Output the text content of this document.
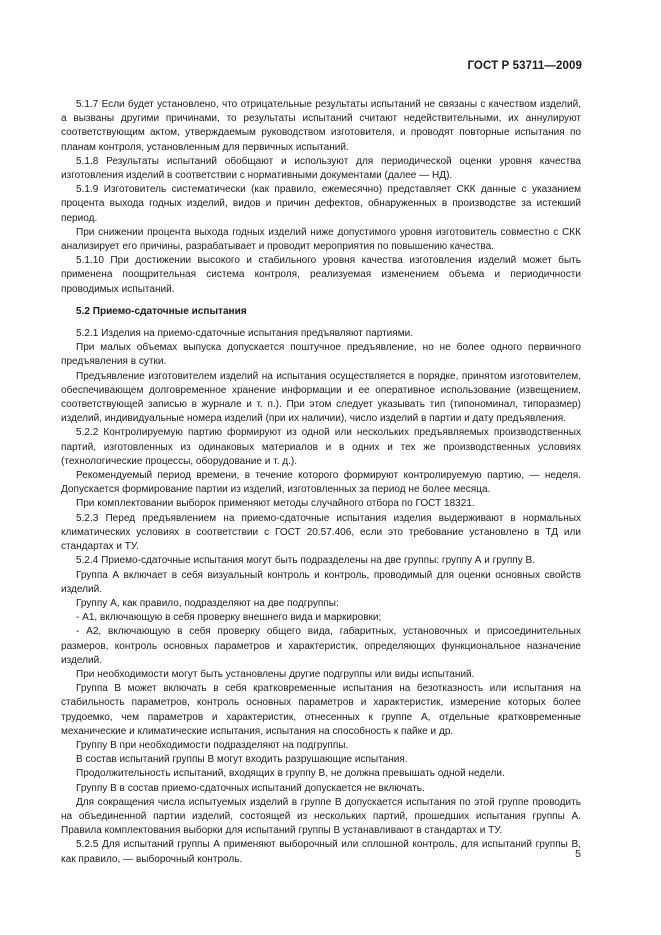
ГОСТ Р 53711—2009

5.1.7 Если будет установлено, что отрицательные результаты испытаний не связаны с качеством изделий, а вызваны другими причинами, то результаты испытаний считают недействительными, их аннулируют соответствующим актом, утверждаемым руководством изготовителя, и проводят повторные испытания по планам контроля, установленным для первичных испытаний.

5.1.8 Результаты испытаний обобщают и используют для периодической оценки уровня качества изготовления изделий в соответствии с нормативными документами (далее — НД).

5.1.9 Изготовитель систематически (как правило, ежемесячно) представляет СКК данные с указанием процента выхода годных изделий, видов и причин дефектов, обнаруженных в производстве за истекший период.

При снижении процента выхода годных изделий ниже допустимого уровня изготовитель совместно с СКК анализирует его причины, разрабатывает и проводит мероприятия по повышению качества.

5.1.10 При достижении высокого и стабильного уровня качества изготовления изделий может быть применена поощрительная система контроля, реализуемая изменением объема и периодичности проводимых испытаний.

5.2 Приемо-сдаточные испытания

5.2.1 Изделия на приемо-сдаточные испытания предъявляют партиями.

При малых объемах выпуска допускается поштучное предъявление, но не более одного первичного предъявления в сутки.

Предъявление изготовителем изделий на испытания осуществляется в порядке, принятом изготовителем, обеспечивающем долговременное хранение информации и ее оперативное использование (извещением, соответствующей записью в журнале и т. п.). При этом следует указывать тип (типономинал, типоразмер) изделий, индивидуальные номера изделий (при их наличии), число изделий в партии и дату предъявления.

5.2.2 Контролируемую партию формируют из одной или нескольких предъявляемых производственных партий, изготовленных из одинаковых материалов и в одних и тех же производственных условиях (технологические процессы, оборудование и т. д.).

Рекомендуемый период времени, в течение которого формируют контролируемую партию, — неделя. Допускается формирование партии из изделий, изготовленных за период не более месяца.

При комплектовании выборок применяют методы случайного отбора по ГОСТ 18321.

5.2.3 Перед предъявлением на приемо-сдаточные испытания изделия выдерживают в нормальных климатических условиях в соответствии с ГОСТ 20.57.406, если это требование установлено в ТД или стандартах и ТУ.

5.2.4 Приемо-сдаточные испытания могут быть подразделены на две группы: группу А и группу В.

Группа А включает в себя визуальный контроль и контроль, проводимый для оценки основных свойств изделий.

Группу А, как правило, подразделяют на две подгруппы:

- А1, включающую в себя проверку внешнего вида и маркировки;

- А2, включающую в себя проверку общего вида, габаритных, установочных и присоединительных размеров, контроль основных параметров и характеристик, определяющих функциональное назначение изделий.

При необходимости могут быть установлены другие подгруппы или виды испытаний.

Группа В может включать в себя кратковременные испытания на безотказность или испытания на стабильность параметров, контроль основных параметров и характеристик, измерение которых более трудоемко, чем параметров и характеристик, отнесенных к группе А, отдельные кратковременные механические и климатические испытания, испытания на способность к пайке и др.

Группу В при необходимости подразделяют на подгруппы.

В состав испытаний группы В могут входить разрушающие испытания.

Продолжительность испытаний, входящих в группу В, не должна превышать одной недели.

Группу В в состав приемо-сдаточных испытаний допускается не включать.

Для сокращения числа испытуемых изделий в группе В допускается испытания по этой группе проводить на объединенной партии изделий, состоящей из нескольких партий, прошедших испытания группы А. Правила комплектования выборки для испытаний группы В устанавливают в стандартах и ТУ.

5.2.5 Для испытаний группы А применяют выборочный или сплошной контроль, для испытаний группы В, как правило, — выборочный контроль.	5
